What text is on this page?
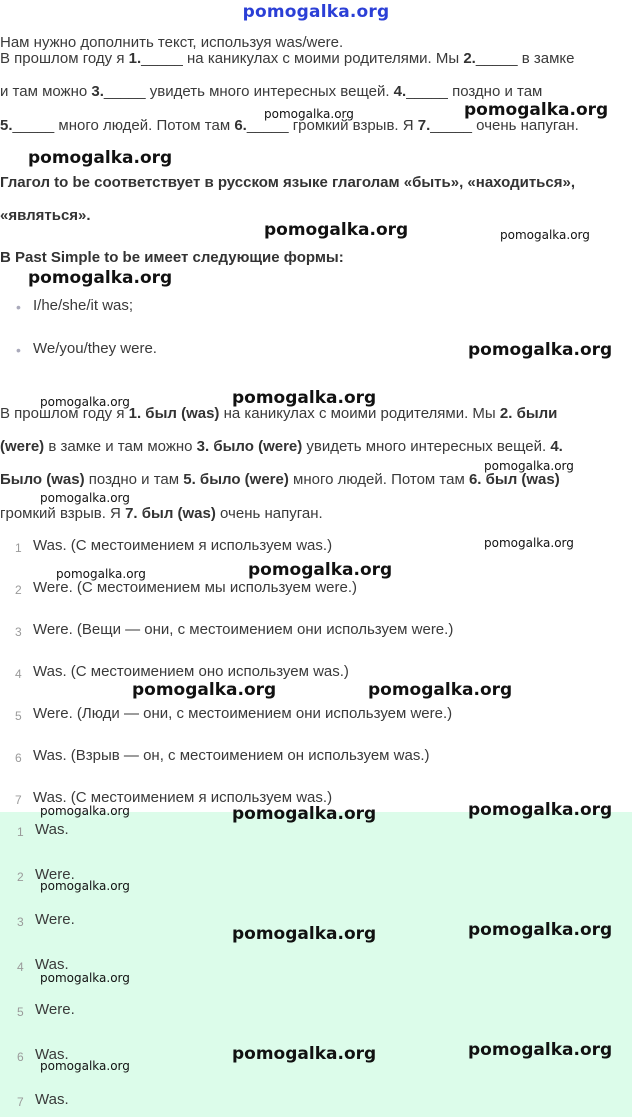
pomogalka.org
Нам нужно дополнить текст, используя was/were.
В прошлом году я 1._____ на каникулах с моими родителями. Мы 2._____ в замке
и там можно 3._____ увидеть много интересных вещей. 4._____ поздно и там
5._____ много людей. Потом там 6._____ громкий взрыв. Я 7._____ очень напуган.
Глагол to be соответствует в русском языке глаголам «быть», «находиться»,
«являться».
В Past Simple to be имеет следующие формы:
• I/he/she/it was;
• We/you/they were.
В прошлом году я 1. был (was) на каникулах с моими родителями. Мы 2. были
(were) в замке и там можно 3. было (were) увидеть много интересных вещей. 4.
Было (was) поздно и там 5. было (were) много людей. Потом там 6. был (was)
громкий взрыв. Я 7. был (was) очень напуган.
1 Was. (С местоимением я используем was.)
2 Were. (С местоимением мы используем were.)
3 Were. (Вещи — они, с местоимением они используем were.)
4 Was. (С местоимением оно используем was.)
5 Were. (Люди — они, с местоимением они используем were.)
6 Was. (Взрыв — он, с местоимением он используем was.)
7 Was. (С местоимением я используем was.)
1 Was.
2 Were.
3 Were.
4 Was.
5 Were.
6 Was.
7 Was.
pomogalka.org	pomogalka.org
pomogalka.org
pomogalka.org	pomogalka.org
pomogalka.org
pomogalka.org
pomogalka.org	pomogalka.org
pomogalka.org
pomogalka.org
pomogalka.org
pomogalka.org	pomogalka.org
pomogalka.org	pomogalka.org
pomogalka.org	pomogalka.org	pomogalka.org
pomogalka.org
pomogalka.org	pomogalka.org
pomogalka.org
pomogalka.org	pomogalka.org
pomogalka.org
